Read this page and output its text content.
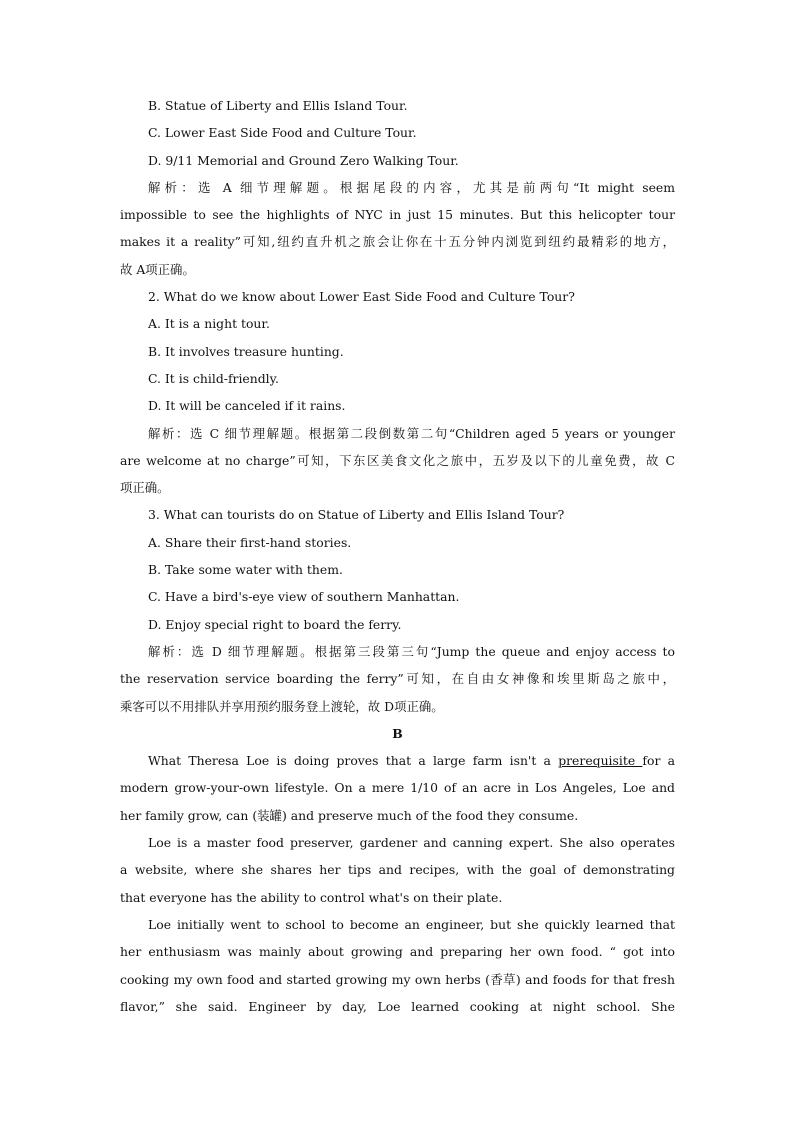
B. Statue of Liberty and Ellis Island Tour.

C. Lower East Side Food and Culture Tour.

D. 9/11 Memorial and Ground Zero Walking Tour.

解析：选 A 细节理解题。根据尾段的内容，尤其是前两句“It might seem

impossible to see the highlights of NYC in just 15 minutes. But this helicopter tour

makes it a reality”可知,纽约直升机之旅会让你在十五分钟内浏览到纽约最精彩的地方，

故 A项正确。

2. What do we know about Lower East Side Food and Culture Tour?

A. It is a night tour.

B. It involves treasure hunting.

C. It is child-friendly.

D. It will be canceled if it rains.

解析：选 C 细节理解题。根据第二段倒数第二句“Children aged 5 years or younger

are welcome at no charge”可知，下东区美食文化之旅中，五岁及以下的儿童免费，故 C

项正确。

3. What can tourists do on Statue of Liberty and Ellis Island Tour?

A. Share their first-hand stories.

B. Take some water with them.

C. Have a bird's-eye view of southern Manhattan.

D. Enjoy special right to board the ferry.

解析：选 D 细节理解题。根据第三段第三句“Jump the queue and enjoy access to

the reservation service boarding the ferry”可知，在自由女神像和埃里斯岛之旅中，

乘客可以不用排队并享用预约服务登上渡轮，故 D项正确。

B

What Theresa Loe is doing proves that a large farm isn't a prerequisite for a

modern grow-your-own lifestyle. On a mere 1/10 of an acre in Los Angeles, Loe and

her family grow, can (装罐) and preserve much of the food they consume.

Loe is a master food preserver, gardener and canning expert. She also operates

a website, where she shares her tips and recipes, with the goal of demonstrating

that everyone has the ability to control what's on their plate.

Loe initially went to school to become an engineer, but she quickly learned that

her enthusiasm was mainly about growing and preparing her own food. “ got into

cooking my own food and started growing my own herbs (香草) and foods for that fresh

flavor,” she said. Engineer by day, Loe learned cooking at night school. She
